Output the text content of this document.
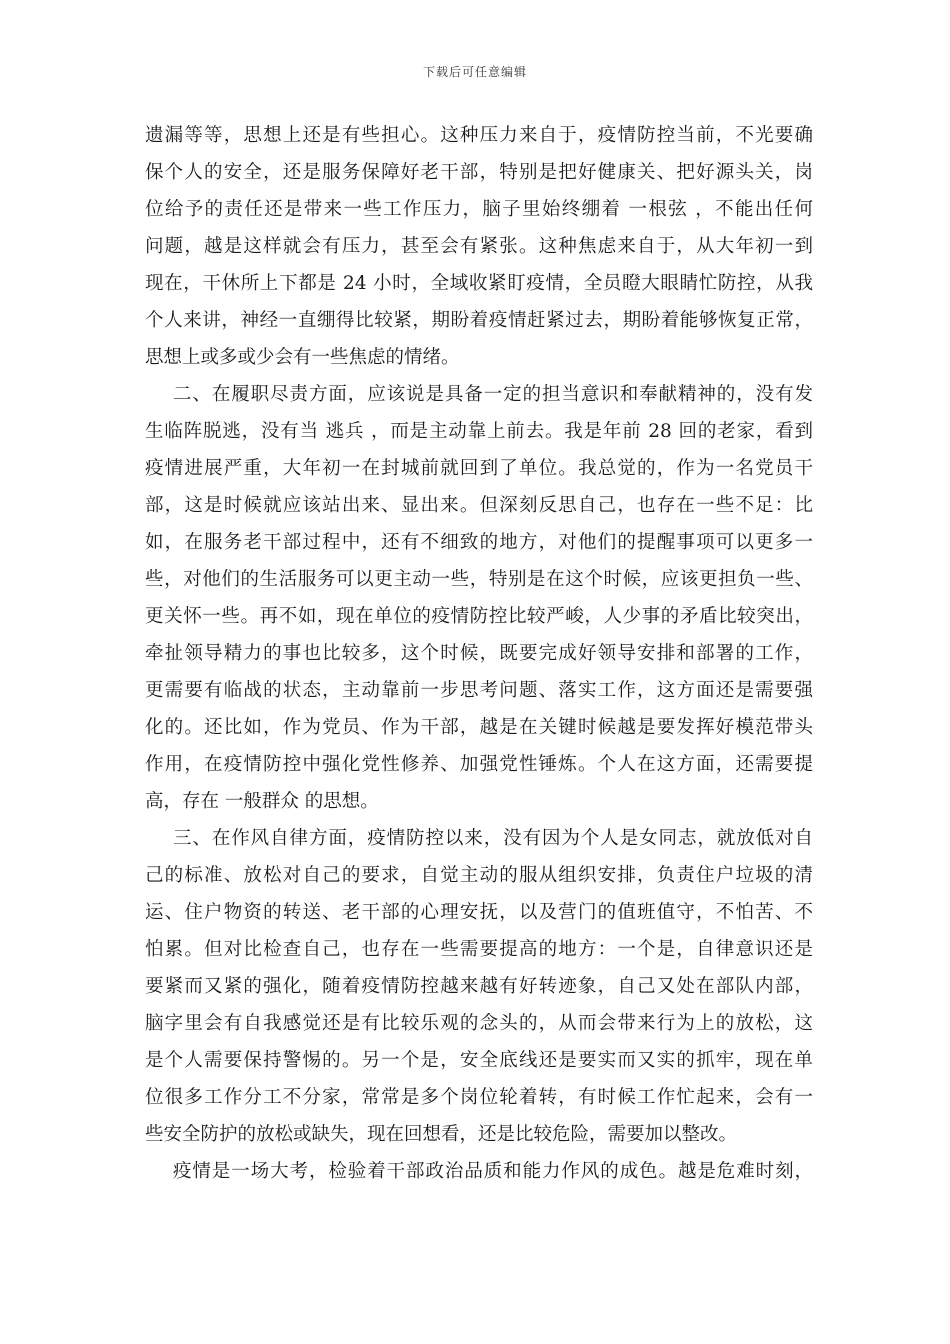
下载后可任意编辑
遗漏等等，思想上还是有些担心。这种压力来自于，疫情防控当前，不光要确
保个人的安全，还是服务保障好老干部，特别是把好健康关、把好源头关，岗
位给予的责任还是带来一些工作压力，脑子里始终绷着 一根弦 ，不能出任何
问题，越是这样就会有压力，甚至会有紧张。这种焦虑来自于，从大年初一到
现在，干休所上下都是 24 小时，全域收紧盯疫情，全员瞪大眼睛忙防控，从我
个人来讲，神经一直绷得比较紧，期盼着疫情赶紧过去，期盼着能够恢复正常，
思想上或多或少会有一些焦虑的情绪。
二、在履职尽责方面，应该说是具备一定的担当意识和奉献精神的，没有发
生临阵脱逃，没有当 逃兵 ，而是主动靠上前去。我是年前 28 回的老家，看到
疫情进展严重，大年初一在封城前就回到了单位。我总觉的，作为一名党员干
部，这是时候就应该站出来、显出来。但深刻反思自己，也存在一些不足：比
如，在服务老干部过程中，还有不细致的地方，对他们的提醒事项可以更多一
些，对他们的生活服务可以更主动一些，特别是在这个时候，应该更担负一些、
更关怀一些。再不如，现在单位的疫情防控比较严峻，人少事的矛盾比较突出，
牵扯领导精力的事也比较多，这个时候，既要完成好领导安排和部署的工作，
更需要有临战的状态，主动靠前一步思考问题、落实工作，这方面还是需要强
化的。还比如，作为党员、作为干部，越是在关键时候越是要发挥好模范带头
作用，在疫情防控中强化党性修养、加强党性锤炼。个人在这方面，还需要提
高，存在 一般群众 的思想。
三、在作风自律方面，疫情防控以来，没有因为个人是女同志，就放低对自
己的标准、放松对自己的要求，自觉主动的服从组织安排，负责住户垃圾的清
运、住户物资的转送、老干部的心理安抚，以及营门的值班值守，不怕苦、不
怕累。但对比检查自己，也存在一些需要提高的地方：一个是，自律意识还是
要紧而又紧的强化，随着疫情防控越来越有好转迹象，自己又处在部队内部，
脑字里会有自我感觉还是有比较乐观的念头的，从而会带来行为上的放松，这
是个人需要保持警惕的。另一个是，安全底线还是要实而又实的抓牢，现在单
位很多工作分工不分家，常常是多个岗位轮着转，有时候工作忙起来，会有一
些安全防护的放松或缺失，现在回想看，还是比较危险，需要加以整改。
疫情是一场大考，检验着干部政治品质和能力作风的成色。越是危难时刻，
